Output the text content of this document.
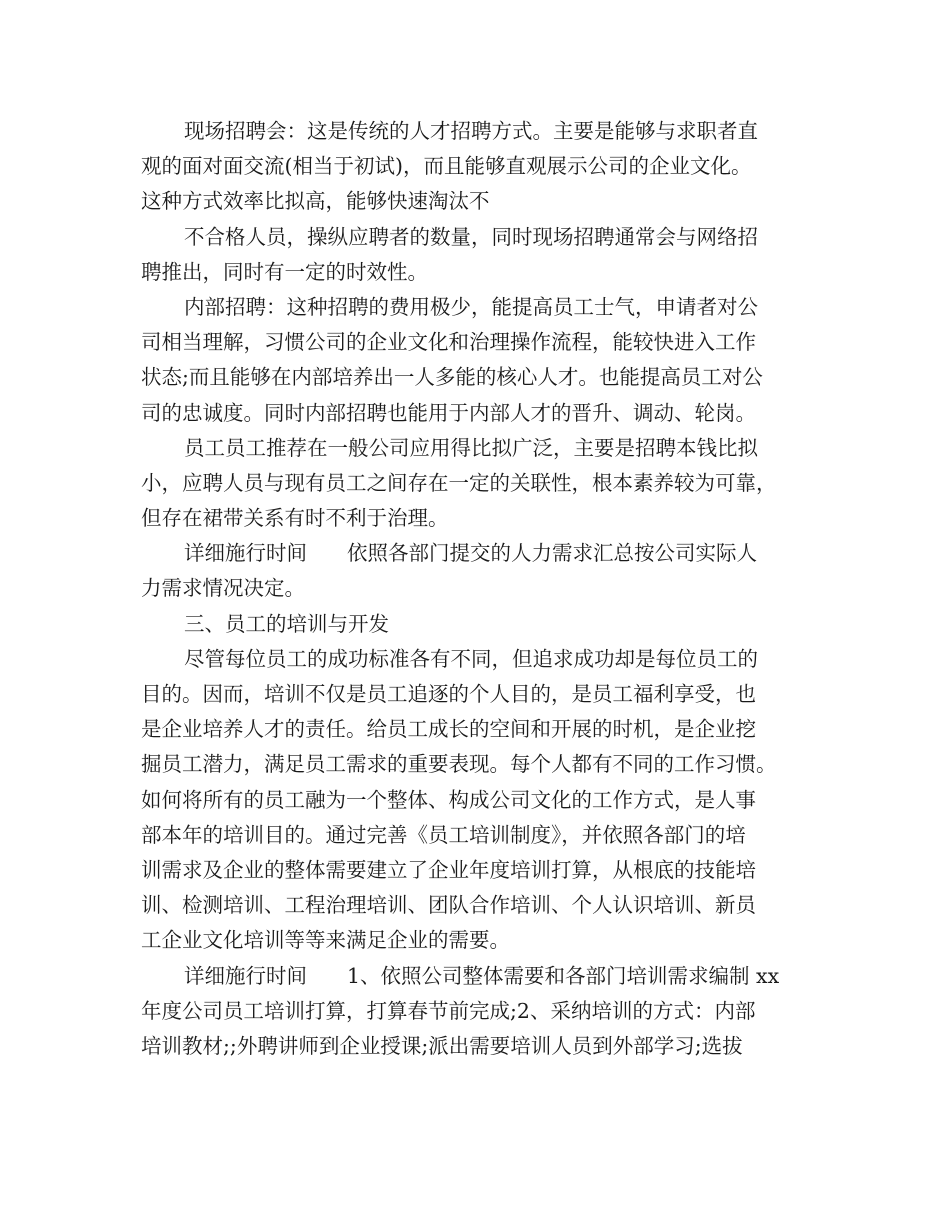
现场招聘会：这是传统的人才招聘方式。主要是能够与求职者直
观的面对面交流(相当于初试)，而且能够直观展示公司的企业文化。
这种方式效率比拟高，能够快速淘汰不
不合格人员，操纵应聘者的数量，同时现场招聘通常会与网络招
聘推出，同时有一定的时效性。
内部招聘：这种招聘的费用极少，能提高员工士气，申请者对公
司相当理解，习惯公司的企业文化和治理操作流程，能较快进入工作
状态;而且能够在内部培养出一人多能的核心人才。也能提高员工对公
司的忠诚度。同时内部招聘也能用于内部人才的晋升、调动、轮岗。
员工员工推荐在一般公司应用得比拟广泛，主要是招聘本钱比拟
小，应聘人员与现有员工之间存在一定的关联性，根本素养较为可靠，
但存在裙带关系有时不利于治理。
详细施行时间 依照各部门提交的人力需求汇总按公司实际人
力需求情况决定。
三、员工的培训与开发
尽管每位员工的成功标准各有不同，但追求成功却是每位员工的
目的。因而，培训不仅是员工追逐的个人目的，是员工福利享受，也
是企业培养人才的责任。给员工成长的空间和开展的时机，是企业挖
掘员工潜力，满足员工需求的重要表现。每个人都有不同的工作习惯。
如何将所有的员工融为一个整体、构成公司文化的工作方式，是人事
部本年的培训目的。通过完善《员工培训制度》，并依照各部门的培
训需求及企业的整体需要建立了企业年度培训打算，从根底的技能培
训、检测培训、工程治理培训、团队合作培训、个人认识培训、新员
工企业文化培训等等来满足企业的需要。
详细施行时间 1、依照公司整体需要和各部门培训需求编制 xx
年度公司员工培训打算，打算春节前完成;2、采纳培训的方式：内部
培训教材;;外聘讲师到企业授课;派出需要培训人员到外部学习;选拔
